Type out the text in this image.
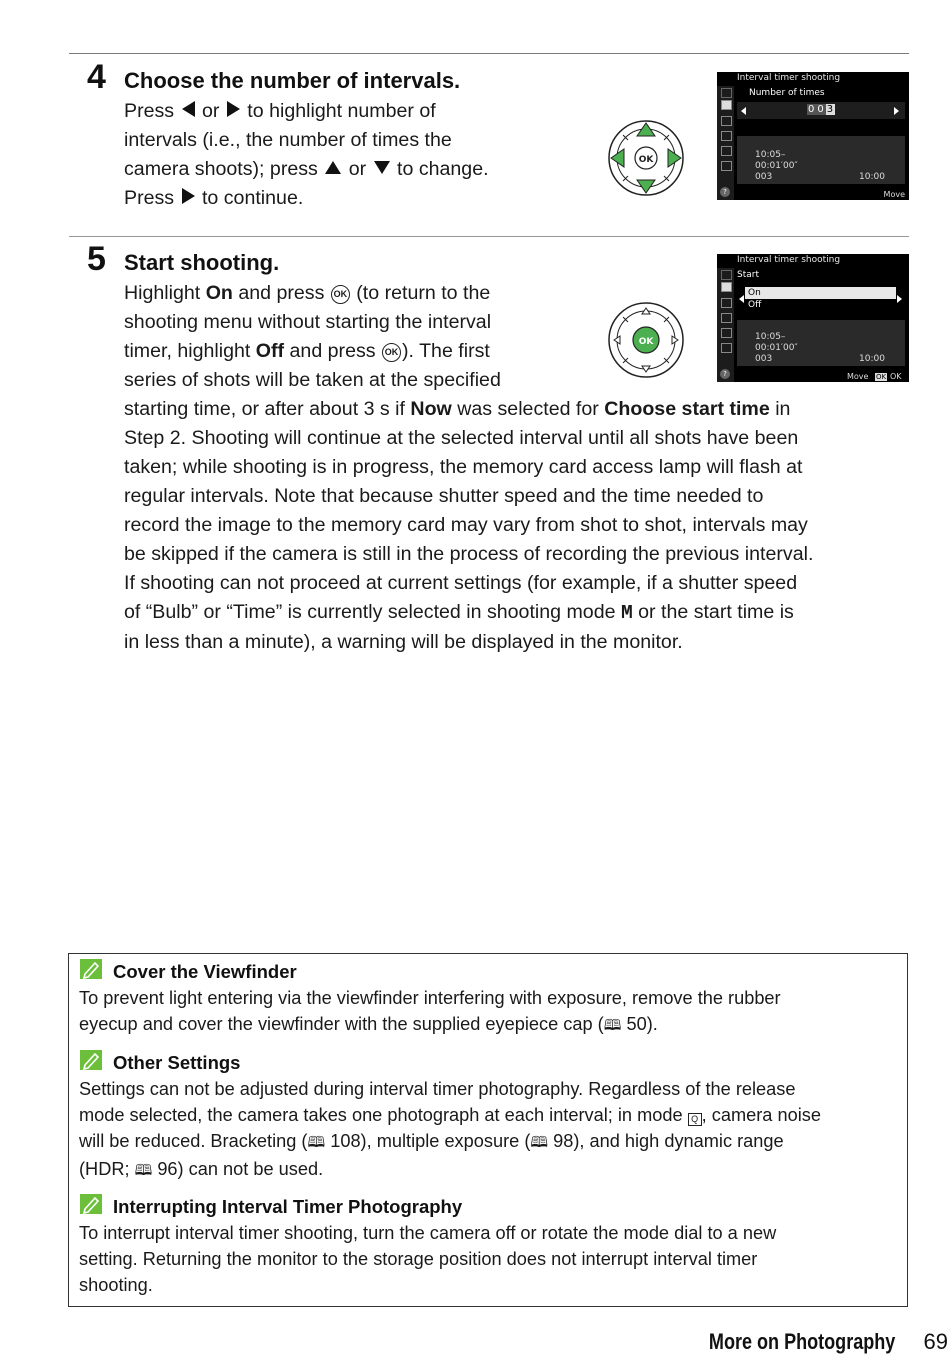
4 Choose the number of intervals.
Press  or  to highlight number of
intervals (i.e., the number of times the
camera shoots); press  or  to change.
Press  to continue.
OK
Interval timer shooting
Number of times
0 0 3
10:05–
00:01′00″
003	10:00
?	Move
5 Start shooting.
Highlight On and press OK (to return to the
shooting menu without starting the interval
timer, highlight Off and press OK ). The first
series of shots will be taken at the specified
starting time, or after about 3 s if Now was selected for Choose start time in
Step 2. Shooting will continue at the selected interval until all shots have been
taken; while shooting is in progress, the memory card access lamp will flash at
regular intervals. Note that because shutter speed and the time needed to
record the image to the memory card may vary from shot to shot, intervals may
be skipped if the camera is still in the process of recording the previous interval.
If shooting can not proceed at current settings (for example, if a shutter speed
of “Bulb” or “Time” is currently selected in shooting mode M or the start time is
in less than a minute), a warning will be displayed in the monitor.
OK
Interval timer shooting
Start
On
Off
10:05–
00:01′00″
003	10:00
?	Move OK OK
Cover the Viewfinder
To prevent light entering via the viewfinder interfering with exposure, remove the rubber
eyecup and cover the viewfinder with the supplied eyepiece cap (🕮 50).
Other Settings
Settings can not be adjusted during interval timer photography. Regardless of the release
mode selected, the camera takes one photograph at each interval; in mode Q , camera noise
will be reduced. Bracketing (🕮 108), multiple exposure (🕮 98), and high dynamic range
(HDR; 🕮 96) can not be used.
Interrupting Interval Timer Photography
To interrupt interval timer shooting, turn the camera off or rotate the mode dial to a new
setting. Returning the monitor to the storage position does not interrupt interval timer
shooting.
More on Photography 69
